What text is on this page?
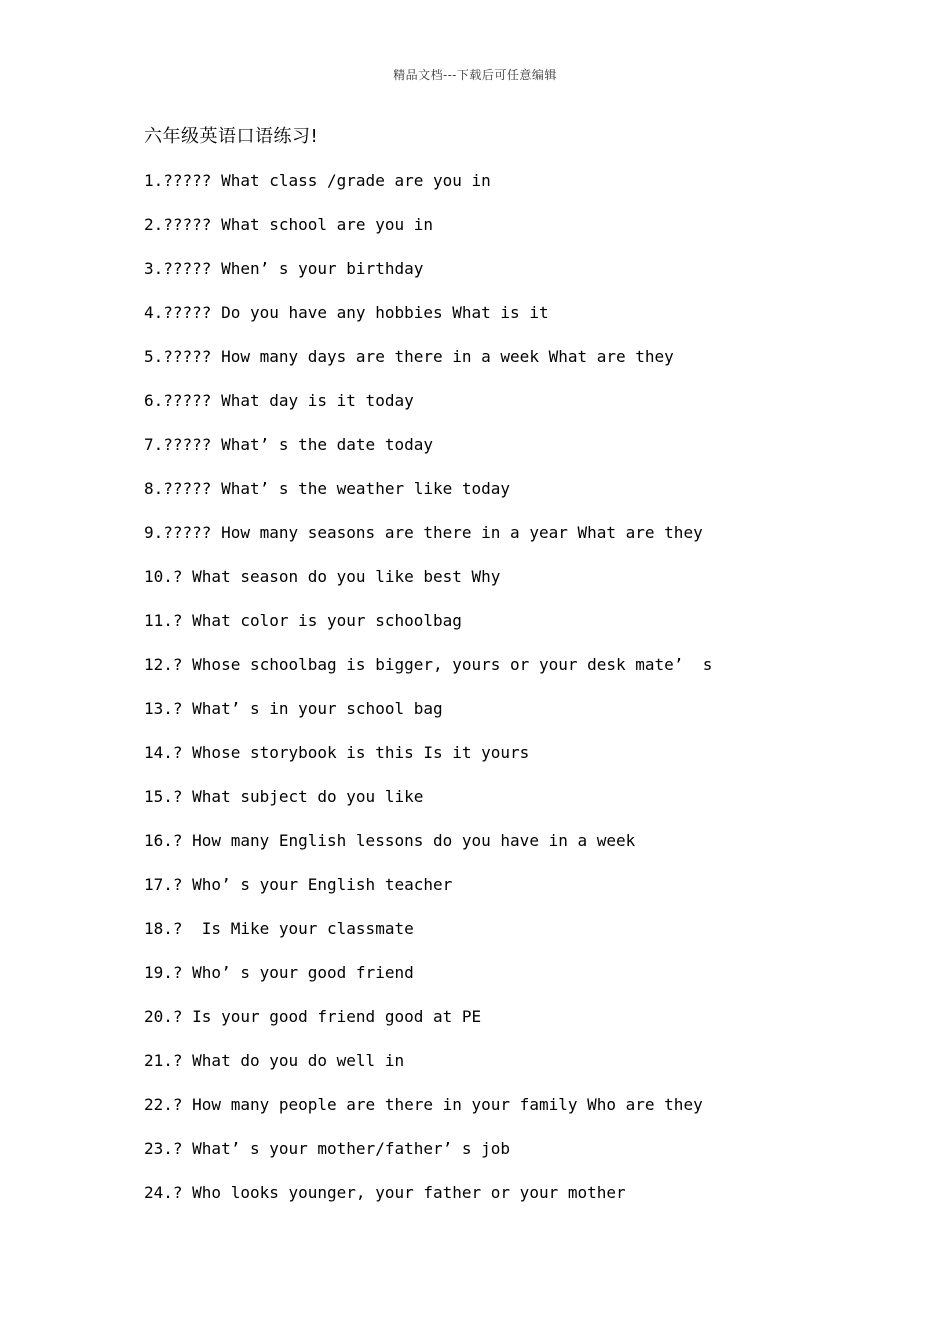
精品文档---下载后可任意编辑
六年级英语口语练习!
1.????? What class /grade are you in
2.????? What school are you in
3.????? When’ s your birthday
4.????? Do you have any hobbies What is it
5.????? How many days are there in a week What are they
6.????? What day is it today
7.????? What’ s the date today
8.????? What’ s the weather like today
9.????? How many seasons are there in a year What are they
10.? What season do you like best Why
11.? What color is your schoolbag
12.? Whose schoolbag is bigger, yours or your desk mate’  s
13.? What’ s in your school bag
14.? Whose storybook is this Is it yours
15.? What subject do you like
16.? How many English lessons do you have in a week
17.? Who’ s your English teacher
18.?  Is Mike your classmate
19.? Who’ s your good friend
20.? Is your good friend good at PE
21.? What do you do well in
22.? How many people are there in your family Who are they
23.? What’ s your mother/father’ s job
24.? Who looks younger, your father or your mother
